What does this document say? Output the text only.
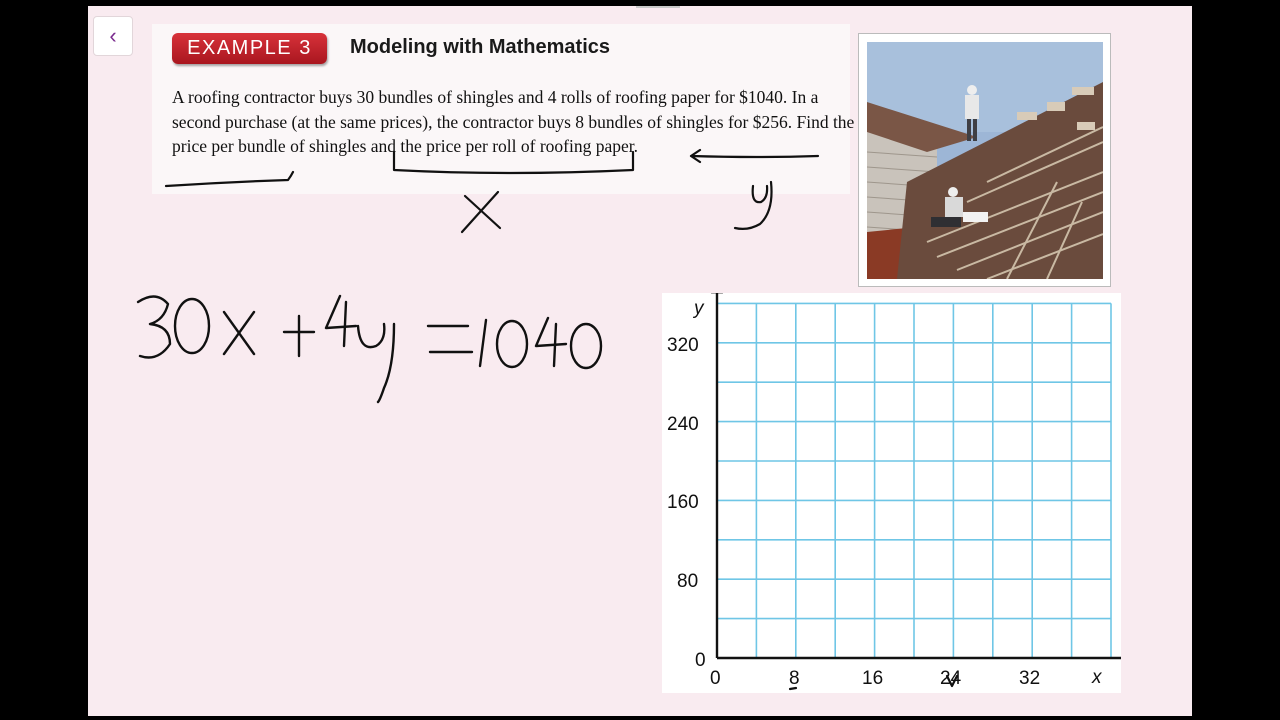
‹	EXAMPLE 3	Modeling with Mathematics

A roofing contractor buys 30 bundles of shingles and 4 rolls of roofing paper for $1040. In a second purchase (at the same prices), the contractor buys 8 bundles of shingles for $256. Find the price per bundle of shingles and the price per roll of roofing paper.

y
x
320
240
160
80
0
0	8	16	24	32
